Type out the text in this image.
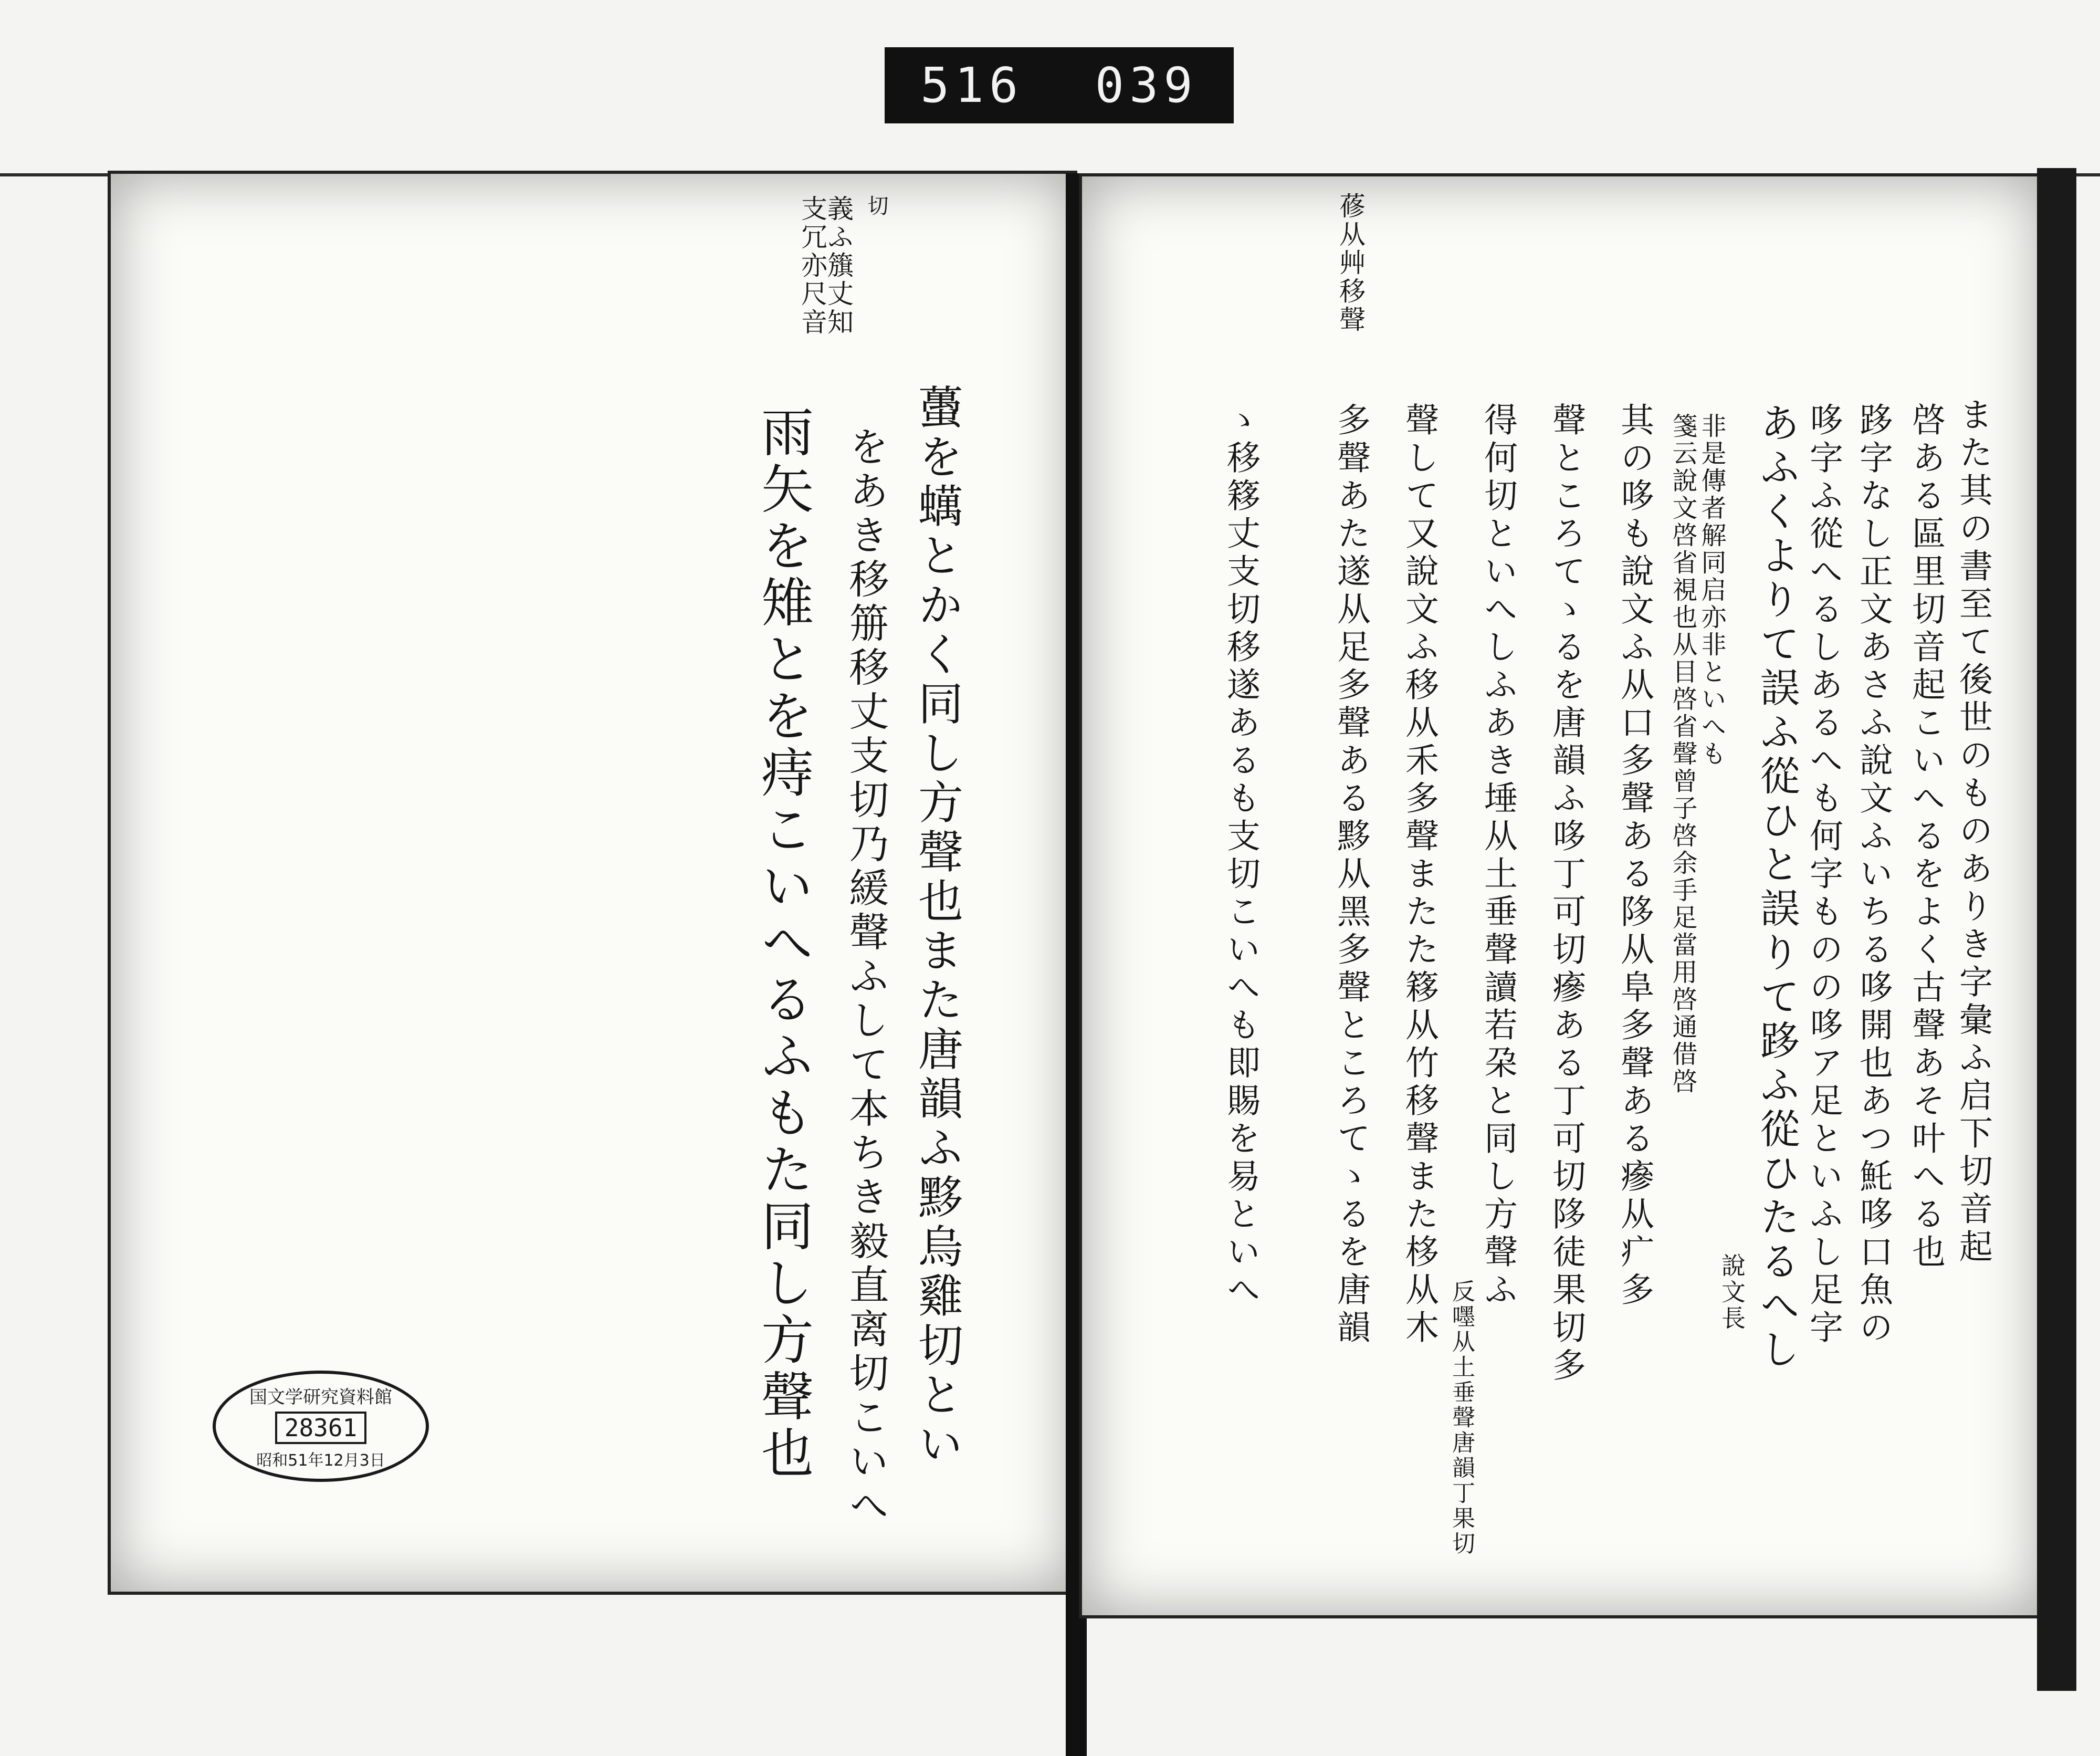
516 039
支冗亦尺音
義ふ籏丈知 切
蠆を蠇とかく同し方聲也また唐韻ふ黟烏雞切とい
をあき移笧移丈支切乃緩聲ふして本ちき毅直离切こいへ
雨矢を雉とを痔こいへるふもた同し方聲也
国文学研究資料館
28361
昭和51年12月3日
蓚从艸移聲
また其の書至て後世のものありき字彙ふ启下切音起
啓ある區里切音起こいへるをよく古聲あそ叶へる也
跢字なし正文あさふ說文ふいちる哆開也あつ魠哆口魚の
哆字ふ從へるしあるへも何字ものの哆ア足といふし足字
あふくよりて誤ふ從ひと誤りて跢ふ從ひたるへし
其の哆も說文ふ从口多聲ある陊从阜多聲ある瘮从疒多
聲ところてゝるを唐韻ふ哆丁可切瘮ある丁可切陊徒果切多
得何切といへしふあき埵从土垂聲讀若朶と同し方聲ふ
ゝ移簃丈支切移遂あるも支切こいへも即賜を易といへ	聲して又說文ふ移从禾多聲またた簃从竹移聲また栘从木
多聲あた遂从足多聲ある黟从黑多聲ところてゝるを唐韻	箋云說文啓省視也从目啓省聲曾子啓余手足當用啓通借啓 非是傳者解同启亦非といへも
說文長
反嚜从土垂聲唐韻丁果切
